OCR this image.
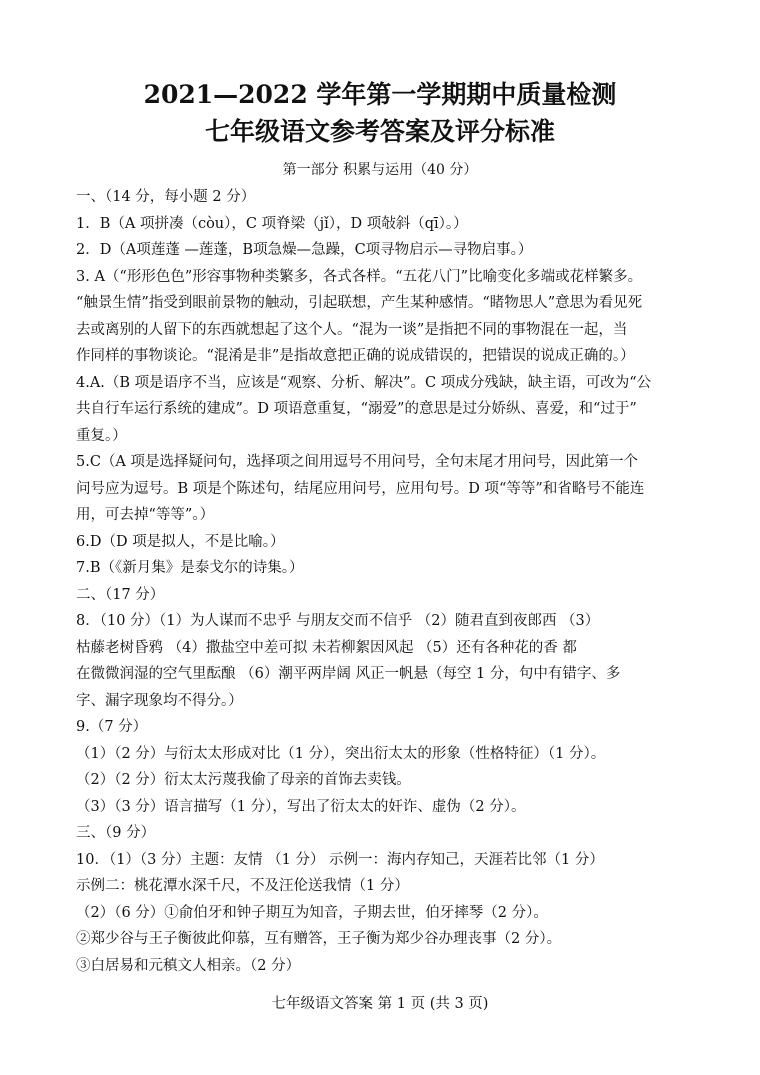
2021—2022 学年第一学期期中质量检测
七年级语文参考答案及评分标准
第一部分 积累与运用（40 分）
一、（14 分，每小题 2 分）
1．B（A 项拼凑（còu），C 项脊梁（jǐ），D 项敧斜（qī）。）
2．D（A项莲蓬 —莲蓬，B项急燥—急躁，C项寻物启示—寻物启事。）
3. A（“形形色色”形容事物种类繁多，各式各样。“五花八门”比喻变化多端或花样繁多。
“触景生情”指受到眼前景物的触动，引起联想，产生某种感情。“睹物思人”意思为看见死
去或离别的人留下的东西就想起了这个人。“混为一谈”是指把不同的事物混在一起，当
作同样的事物谈论。“混淆是非”是指故意把正确的说成错误的，把错误的说成正确的。）
4.A.（B 项是语序不当，应该是“观察、分析、解决”。C 项成分残缺，缺主语，可改为“公
共自行车运行系统的建成”。D 项语意重复，“溺爱”的意思是过分娇纵、喜爱，和“过于”
重复。）
5.C（A 项是选择疑问句，选择项之间用逗号不用问号，全句末尾才用问号，因此第一个
问号应为逗号。B 项是个陈述句，结尾应用问号，应用句号。D 项“等等”和省略号不能连
用，可去掉“等等”。）
6.D（D 项是拟人，不是比喻。）
7.B（《新月集》是泰戈尔的诗集。）
二、（17 分）
8．（10 分）（1）为人谋而不忠乎 与朋友交而不信乎 （2）随君直到夜郎西 （3）
枯藤老树昏鸦 （4）撒盐空中差可拟 未若柳絮因风起 （5）还有各种花的香 都
在微微润湿的空气里酝酿 （6）潮平两岸阔 风正一帆悬（每空 1 分，句中有错字、多
字、漏字现象均不得分。）
9.（7 分）
（1）（2 分）与衍太太形成对比（1 分），突出衍太太的形象（性格特征）（1 分）。
（2）（2 分）衍太太污蔑我偷了母亲的首饰去卖钱。
（3）（3 分）语言描写（1 分），写出了衍太太的奸诈、虚伪（2 分）。
三、（9 分）
10．（1）（3 分）主题：友情 （1 分） 示例一：海内存知己，天涯若比邻（1 分）
示例二：桃花潭水深千尺，不及汪伦送我情（1 分）
（2）（6 分）①俞伯牙和钟子期互为知音，子期去世，伯牙摔琴（2 分）。
②郑少谷与王子衡彼此仰慕，互有赠答，王子衡为郑少谷办理丧事（2 分）。
③白居易和元稹文人相亲。（2 分）
七年级语文答案 第 1 页 (共 3 页)
